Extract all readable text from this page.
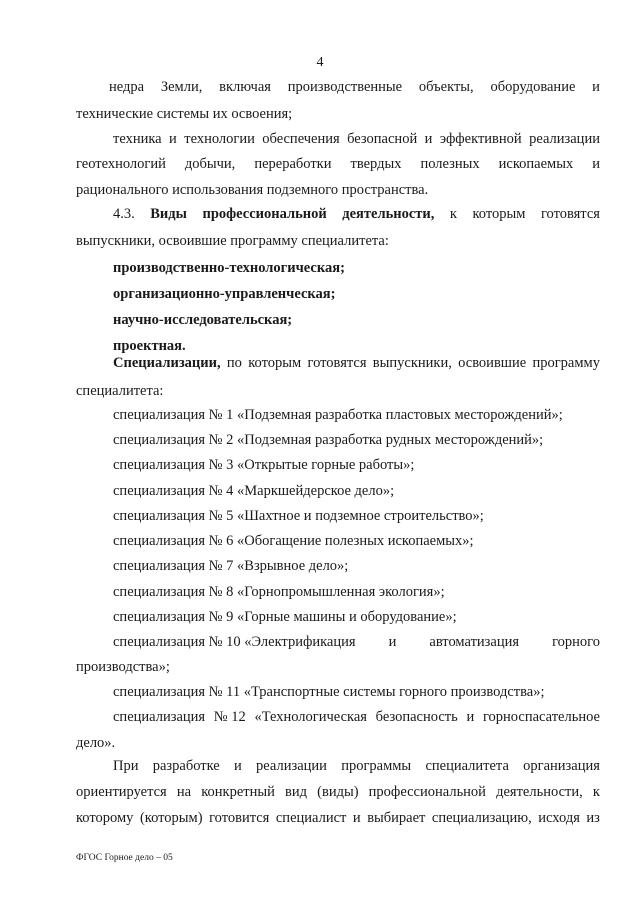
4
недра Земли, включая производственные объекты, оборудование и
технические системы их освоения;
техника и технологии обеспечения безопасной и эффективной реализации
геотехнологий добычи, переработки твердых полезных ископаемых и
рационального использования подземного пространства.
4.3. Виды профессиональной деятельности, к которым готовятся
выпускники, освоившие программу специалитета:
производственно-технологическая;
организационно-управленческая;
научно-исследовательская;
проектная.
Специализации, по которым готовятся выпускники, освоившие программу
специалитета:
специализация № 1 «Подземная разработка пластовых месторождений»;
специализация № 2 «Подземная разработка рудных месторождений»;
специализация № 3 «Открытые горные работы»;
специализация № 4 «Маркшейдерское дело»;
специализация № 5 «Шахтное и подземное строительство»;
специализация № 6 «Обогащение полезных ископаемых»;
специализация № 7 «Взрывное дело»;
специализация № 8 «Горнопромышленная экология»;
специализация № 9 «Горные машины и оборудование»;
специализация № 10 «Электрификация и автоматизация горного
производства»;
специализация № 11 «Транспортные системы горного производства»;
специализация № 12 «Технологическая безопасность и горноспасательное
дело».
При разработке и реализации программы специалитета организация
ориентируется на конкретный вид (виды) профессиональной деятельности, к
которому (которым) готовится специалист и выбирает специализацию, исходя из
ФГОС Горное дело – 05
